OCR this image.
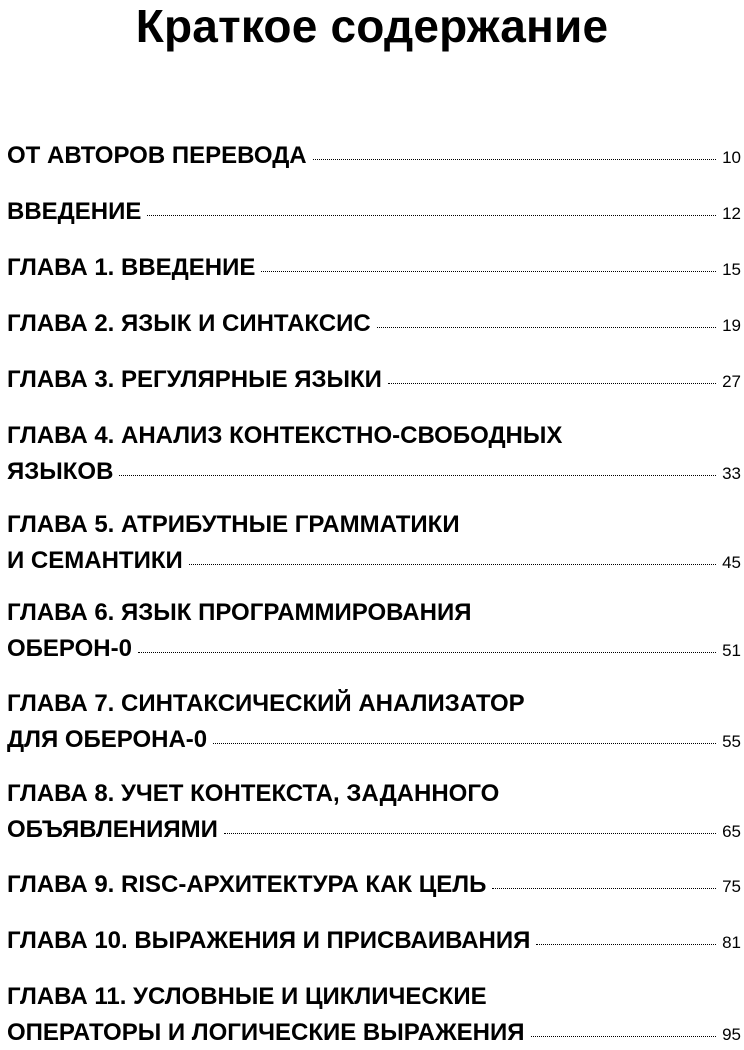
Краткое содержание
ОТ АВТОРОВ ПЕРЕВОДА	10
ВВЕДЕНИЕ	12
ГЛАВА 1. ВВЕДЕНИЕ	15
ГЛАВА 2. ЯЗЫК И СИНТАКСИС	19
ГЛАВА 3. РЕГУЛЯРНЫЕ ЯЗЫКИ	27
ГЛАВА 4. АНАЛИЗ КОНТЕКСТНО-СВОБОДНЫХ
ЯЗЫКОВ	33
ГЛАВА 5. АТРИБУТНЫЕ ГРАММАТИКИ
И СЕМАНТИКИ	45
ГЛАВА 6. ЯЗЫК ПРОГРАММИРОВАНИЯ
ОБЕРОН-0	51
ГЛАВА 7. СИНТАКСИЧЕСКИЙ АНАЛИЗАТОР
ДЛЯ ОБЕРОНА-0	55
ГЛАВА 8. УЧЕТ КОНТЕКСТА, ЗАДАННОГО
ОБЪЯВЛЕНИЯМИ	65
ГЛАВА 9. RISC-АРХИТЕКТУРА КАК ЦЕЛЬ	75
ГЛАВА 10. ВЫРАЖЕНИЯ И ПРИСВАИВАНИЯ	81
ГЛАВА 11. УСЛОВНЫЕ И ЦИКЛИЧЕСКИЕ
ОПЕРАТОРЫ И ЛОГИЧЕСКИЕ ВЫРАЖЕНИЯ	95
